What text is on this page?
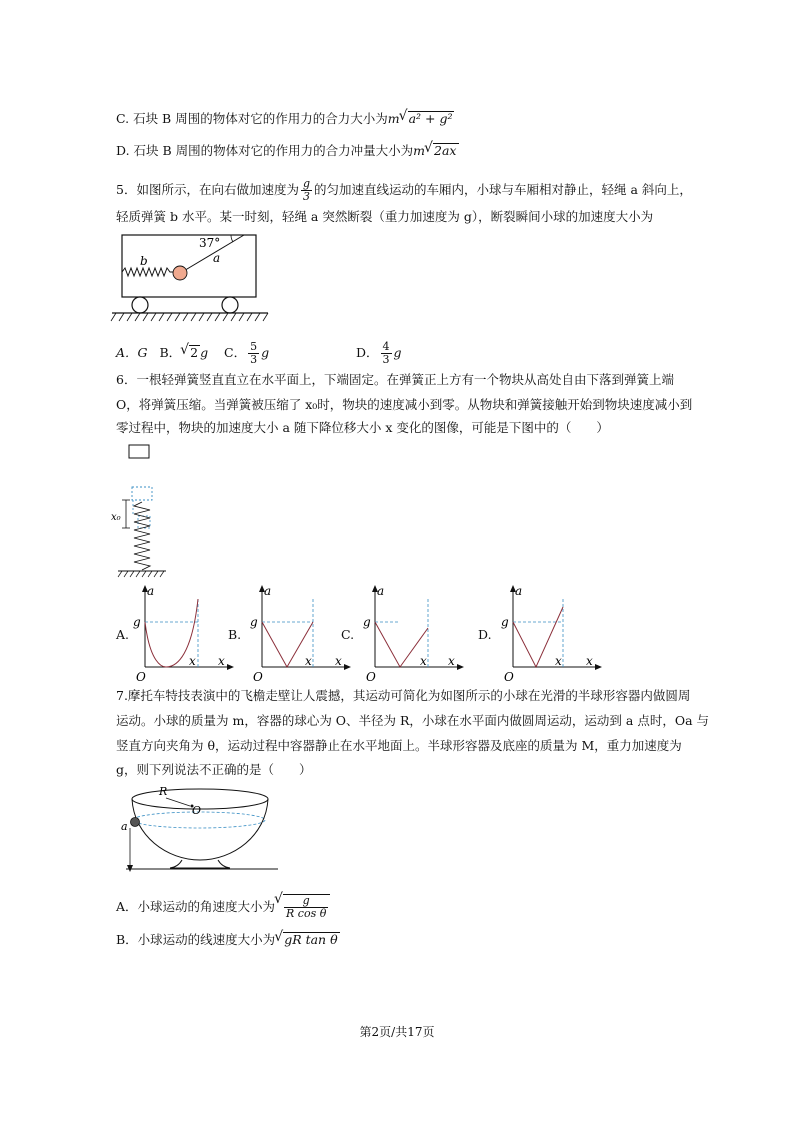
C. 石块 B 周围的物体对它的作用力的合力大小为m √ a² + g²
D. 石块 B 周围的物体对它的作用力的合力冲量大小为m √ 2ax
5．如图所示，在向右做加速度为 $\frac{g}{3}$ 的匀加速直线运动的车厢内，小球与车厢相对静止，轻绳 a 斜向上，
轻质弹簧 b 水平。某一时刻，轻绳 a 突然断裂（重力加速度为 g），断裂瞬间小球的加速度大小为
37°
a
b
A．G B． √ 2 g C． $\frac{5}{3}$ g	D． $\frac{4}{3}$ g
6．一根轻弹簧竖直直立在水平面上，下端固定。在弹簧正上方有一个物块从高处自由下落到弹簧上端
O，将弹簧压缩。当弹簧被压缩了 x₀时，物块的速度减小到零。从物块和弹簧接触开始到物块速度减小到
零过程中，物块的加速度大小 a 随下降位移大小 x 变化的图像，可能是下图中的（　　）
x₀
A.
a
g
x x
O
B.
a
g
x x
O
C.
a
g
x x
O
D.
a
g
x x
O
7.摩托车特技表演中的飞檐走壁让人震撼，其运动可简化为如图所示的小球在光滑的半球形容器内做圆周
运动。小球的质量为 m，容器的球心为 O、半径为 R，小球在水平面内做圆周运动，运动到 a 点时，Oa 与
竖直方向夹角为 θ，运动过程中容器静止在水平地面上。半球形容器及底座的质量为 M，重力加速度为
g，则下列说法不正确的是（　　）
R
O
a
A．小球运动的角速度大小为 √ $\frac{g}{\text{R cos θ}}$
B．小球运动的线速度大小为 √ gR tan θ
第2页/共17页
